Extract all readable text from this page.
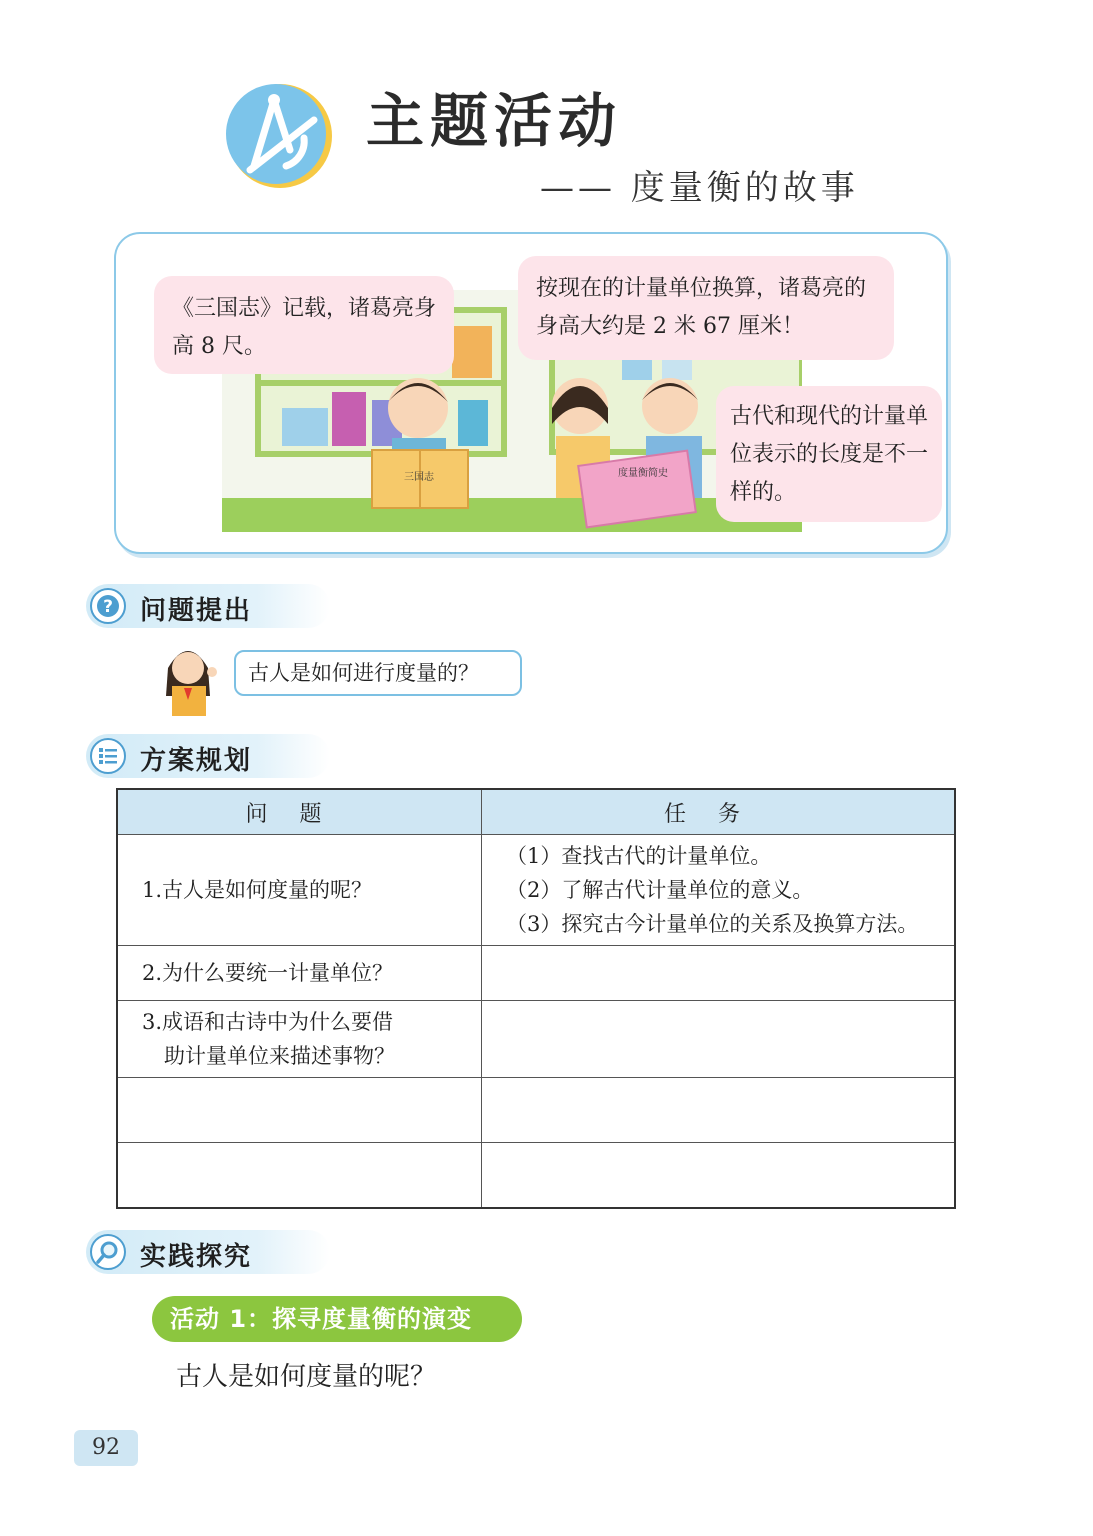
主题活动
—— 度量衡的故事
度量衡简史
三国志
《三国志》记载，诸葛亮身高 8 尺。
按现在的计量单位换算，诸葛亮的身高大约是 2 米 67 厘米！
古代和现代的计量单位表示的长度是不一样的。
? 问题提出
古人是如何进行度量的？
方案规划
问题	任务
1.古人是如何度量的呢？	（1）查找古代的计量单位。
（2）了解古代计量单位的意义。
（3）探究古今计量单位的关系及换算方法。

2.为什么要统一计量单位？	

3.成语和古诗中为什么要借
助计量单位来描述事物？	

实践探究
活动 1：探寻度量衡的演变
古人是如何度量的呢？
92
